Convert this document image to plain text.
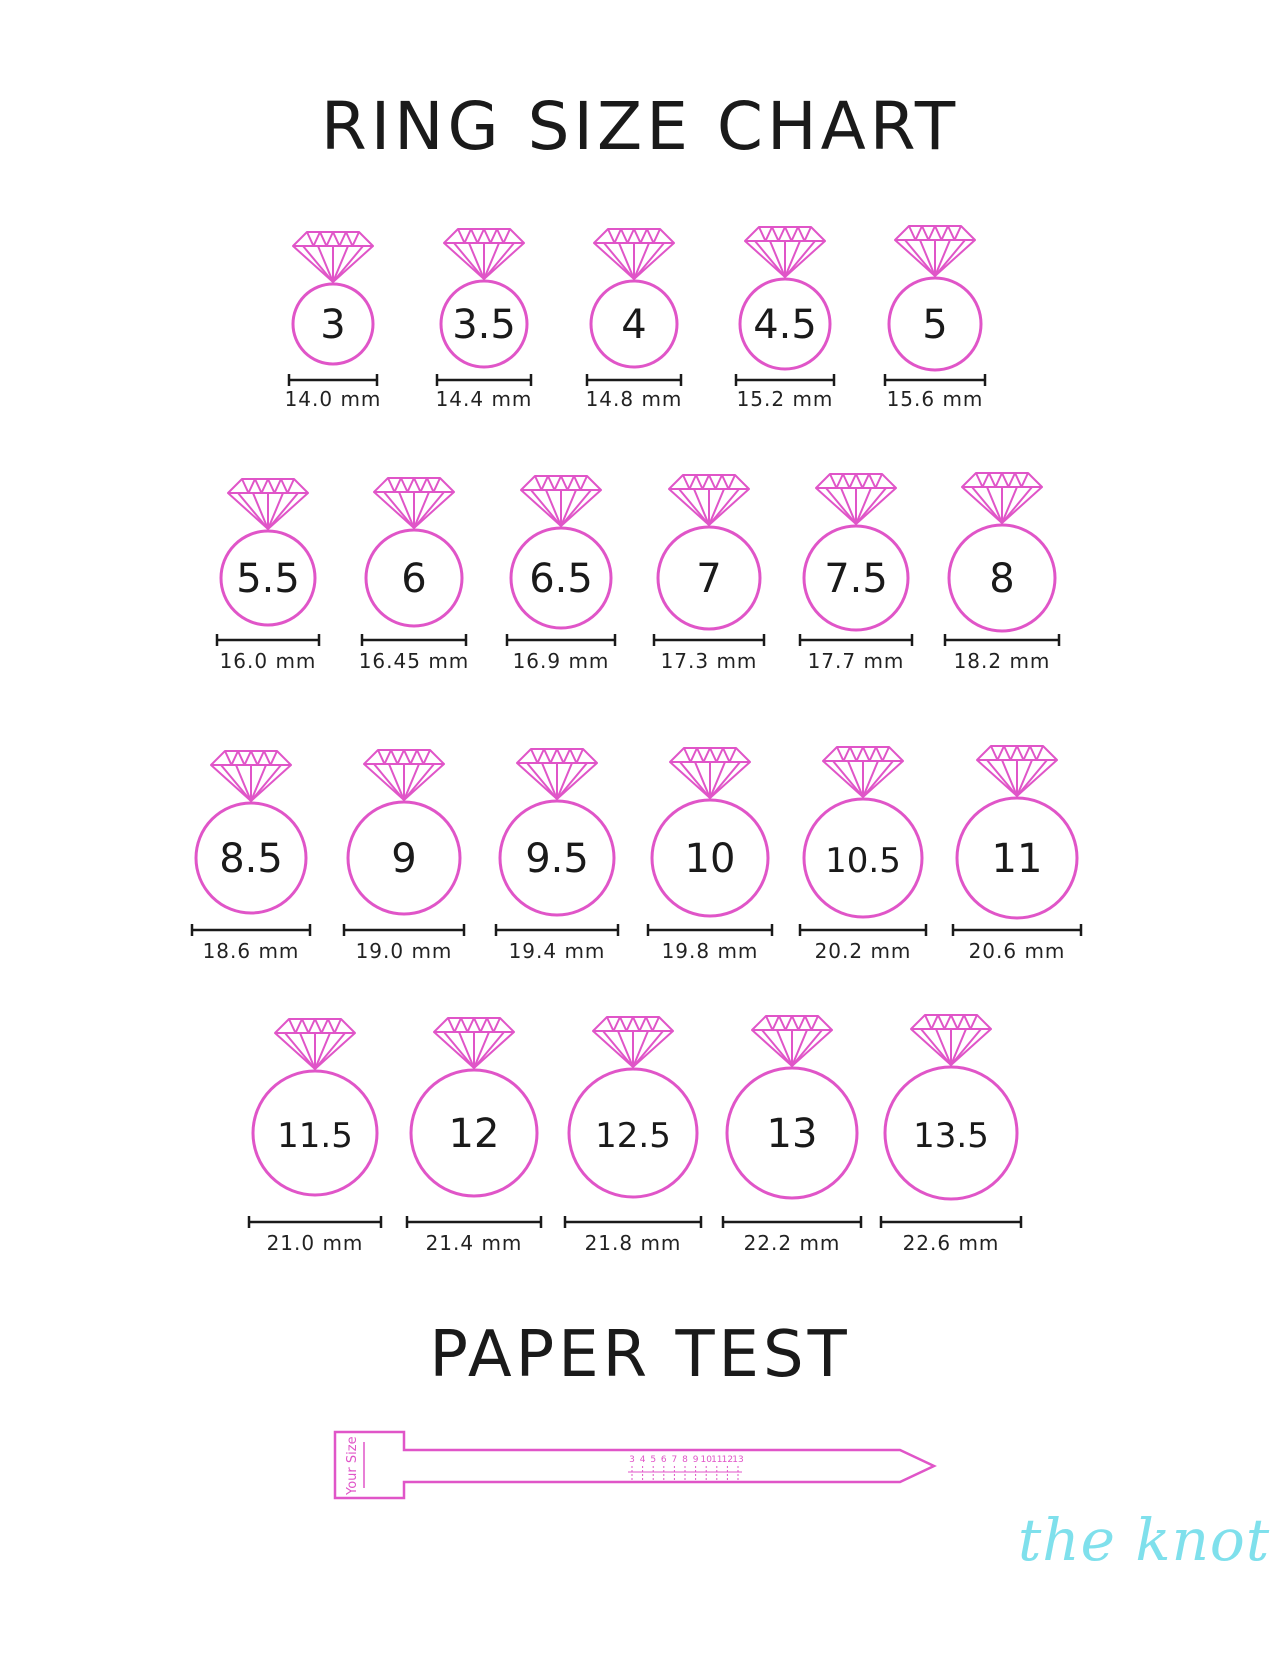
RING SIZE CHART
3
14.0 mm
3.5
14.4 mm
4
14.8 mm
4.5
15.2 mm
5
15.6 mm
5.5
16.0 mm
6
16.45 mm
6.5
16.9 mm
7
17.3 mm
7.5
17.7 mm
8
18.2 mm
8.5
18.6 mm
9
19.0 mm
9.5
19.4 mm
10
19.8 mm
10.5
20.2 mm
11
20.6 mm
11.5
21.0 mm
12
21.4 mm
12.5
21.8 mm
13
22.2 mm
13.5
22.6 mm
PAPER TEST
Your Size	3 4 5 6 7 8 9 10 11 12 13
the knot
